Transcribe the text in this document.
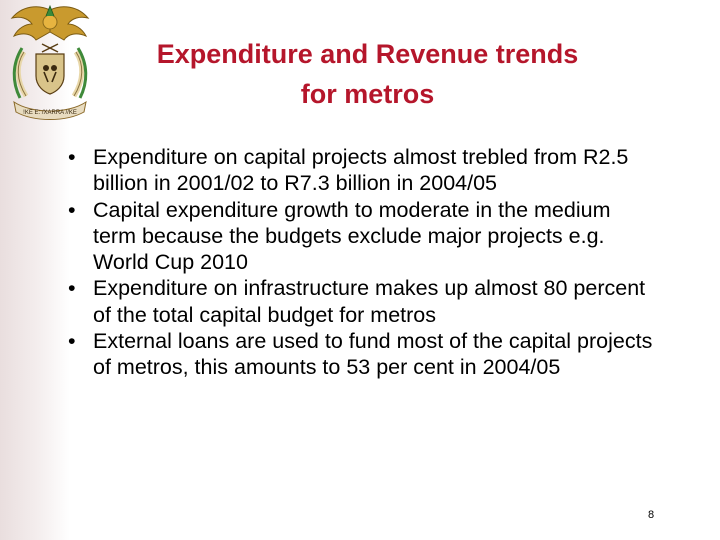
!KE E: /XARRA //KE
Expenditure and Revenue trends
for metros
• Expenditure on capital projects almost trebled from R2.5 billion in 2001/02 to R7.3 billion in 2004/05
• Capital expenditure growth to moderate in the medium term because the budgets exclude major projects e.g. World Cup 2010
• Expenditure on infrastructure makes up almost 80 percent of the total capital budget for metros
• External loans are used to fund most of the capital projects of metros, this amounts to 53 per cent in 2004/05
8
